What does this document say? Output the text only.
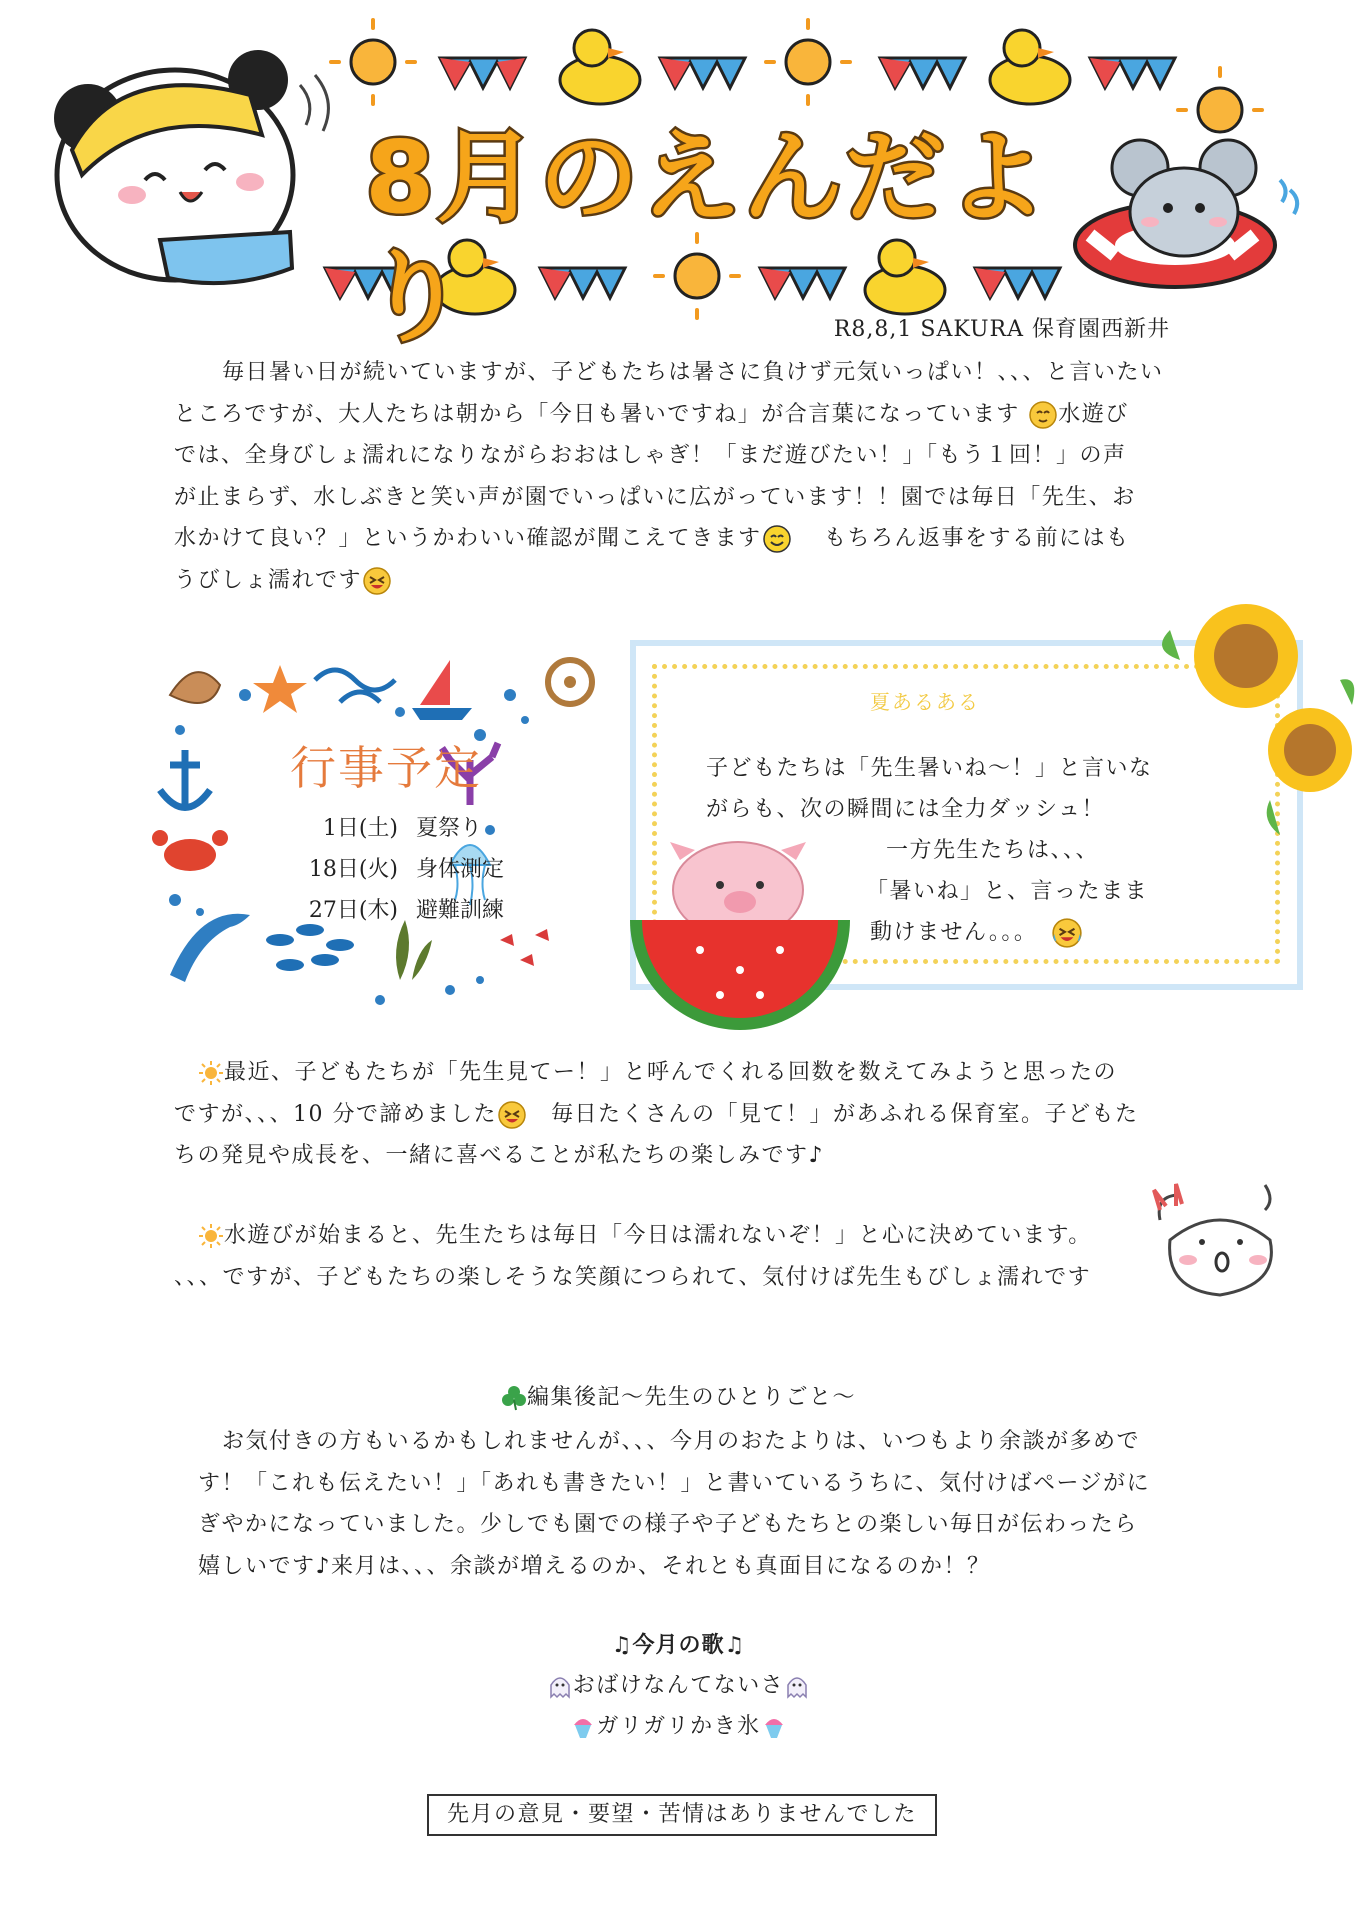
8月のえんだより	R8,8,1 SAKURA 保育園西新井
毎日暑い日が続いていますが、子どもたちは暑さに負けず元気いっぱい！、、、と言いたい
ところですが、大人たちは朝から「今日も暑いですね」が合言葉になっています 水遊び
では、全身びしょ濡れになりながらおおはしゃぎ！「まだ遊びたい！」「もう１回！」の声
が止まらず、水しぶきと笑い声が園でいっぱいに広がっています！！園では毎日「先生、お
水かけて良い？」というかわいい確認が聞こえてきます	もちろん返事をする前にはも
うびしょ濡れです
行事予定
1日(土) 夏祭り
18日(火) 身体測定
27日(木) 避難訓練
夏あるある
子どもたちは「先生暑いね～！」と言いな
がらも、次の瞬間には全力ダッシュ！
一方先生たちは、、、
「暑いね」と、言ったまま
動けません。。。
最近、子どもたちが「先生見てー！」と呼んでくれる回数を数えてみようと思ったの
ですが、、、10 分で諦めました 毎日たくさんの「見て！」があふれる保育室。子どもた
ちの発見や成長を、一緒に喜べることが私たちの楽しみです♪
水遊びが始まると、先生たちは毎日「今日は濡れないぞ！」と心に決めています。
、、、ですが、子どもたちの楽しそうな笑顔につられて、気付けば先生もびしょ濡れです
編集後記～先生のひとりごと～
お気付きの方もいるかもしれませんが、、、今月のおたよりは、いつもより余談が多めで
す！「これも伝えたい！」「あれも書きたい！」と書いているうちに、気付けばページがに
ぎやかになっていました。少しでも園での様子や子どもたちとの楽しい毎日が伝わったら
嬉しいです♪来月は、、、余談が増えるのか、それとも真面目になるのか！？
♫今月の歌♫
おばけなんてないさ
ガリガリかき氷
先月の意見・要望・苦情はありませんでした
